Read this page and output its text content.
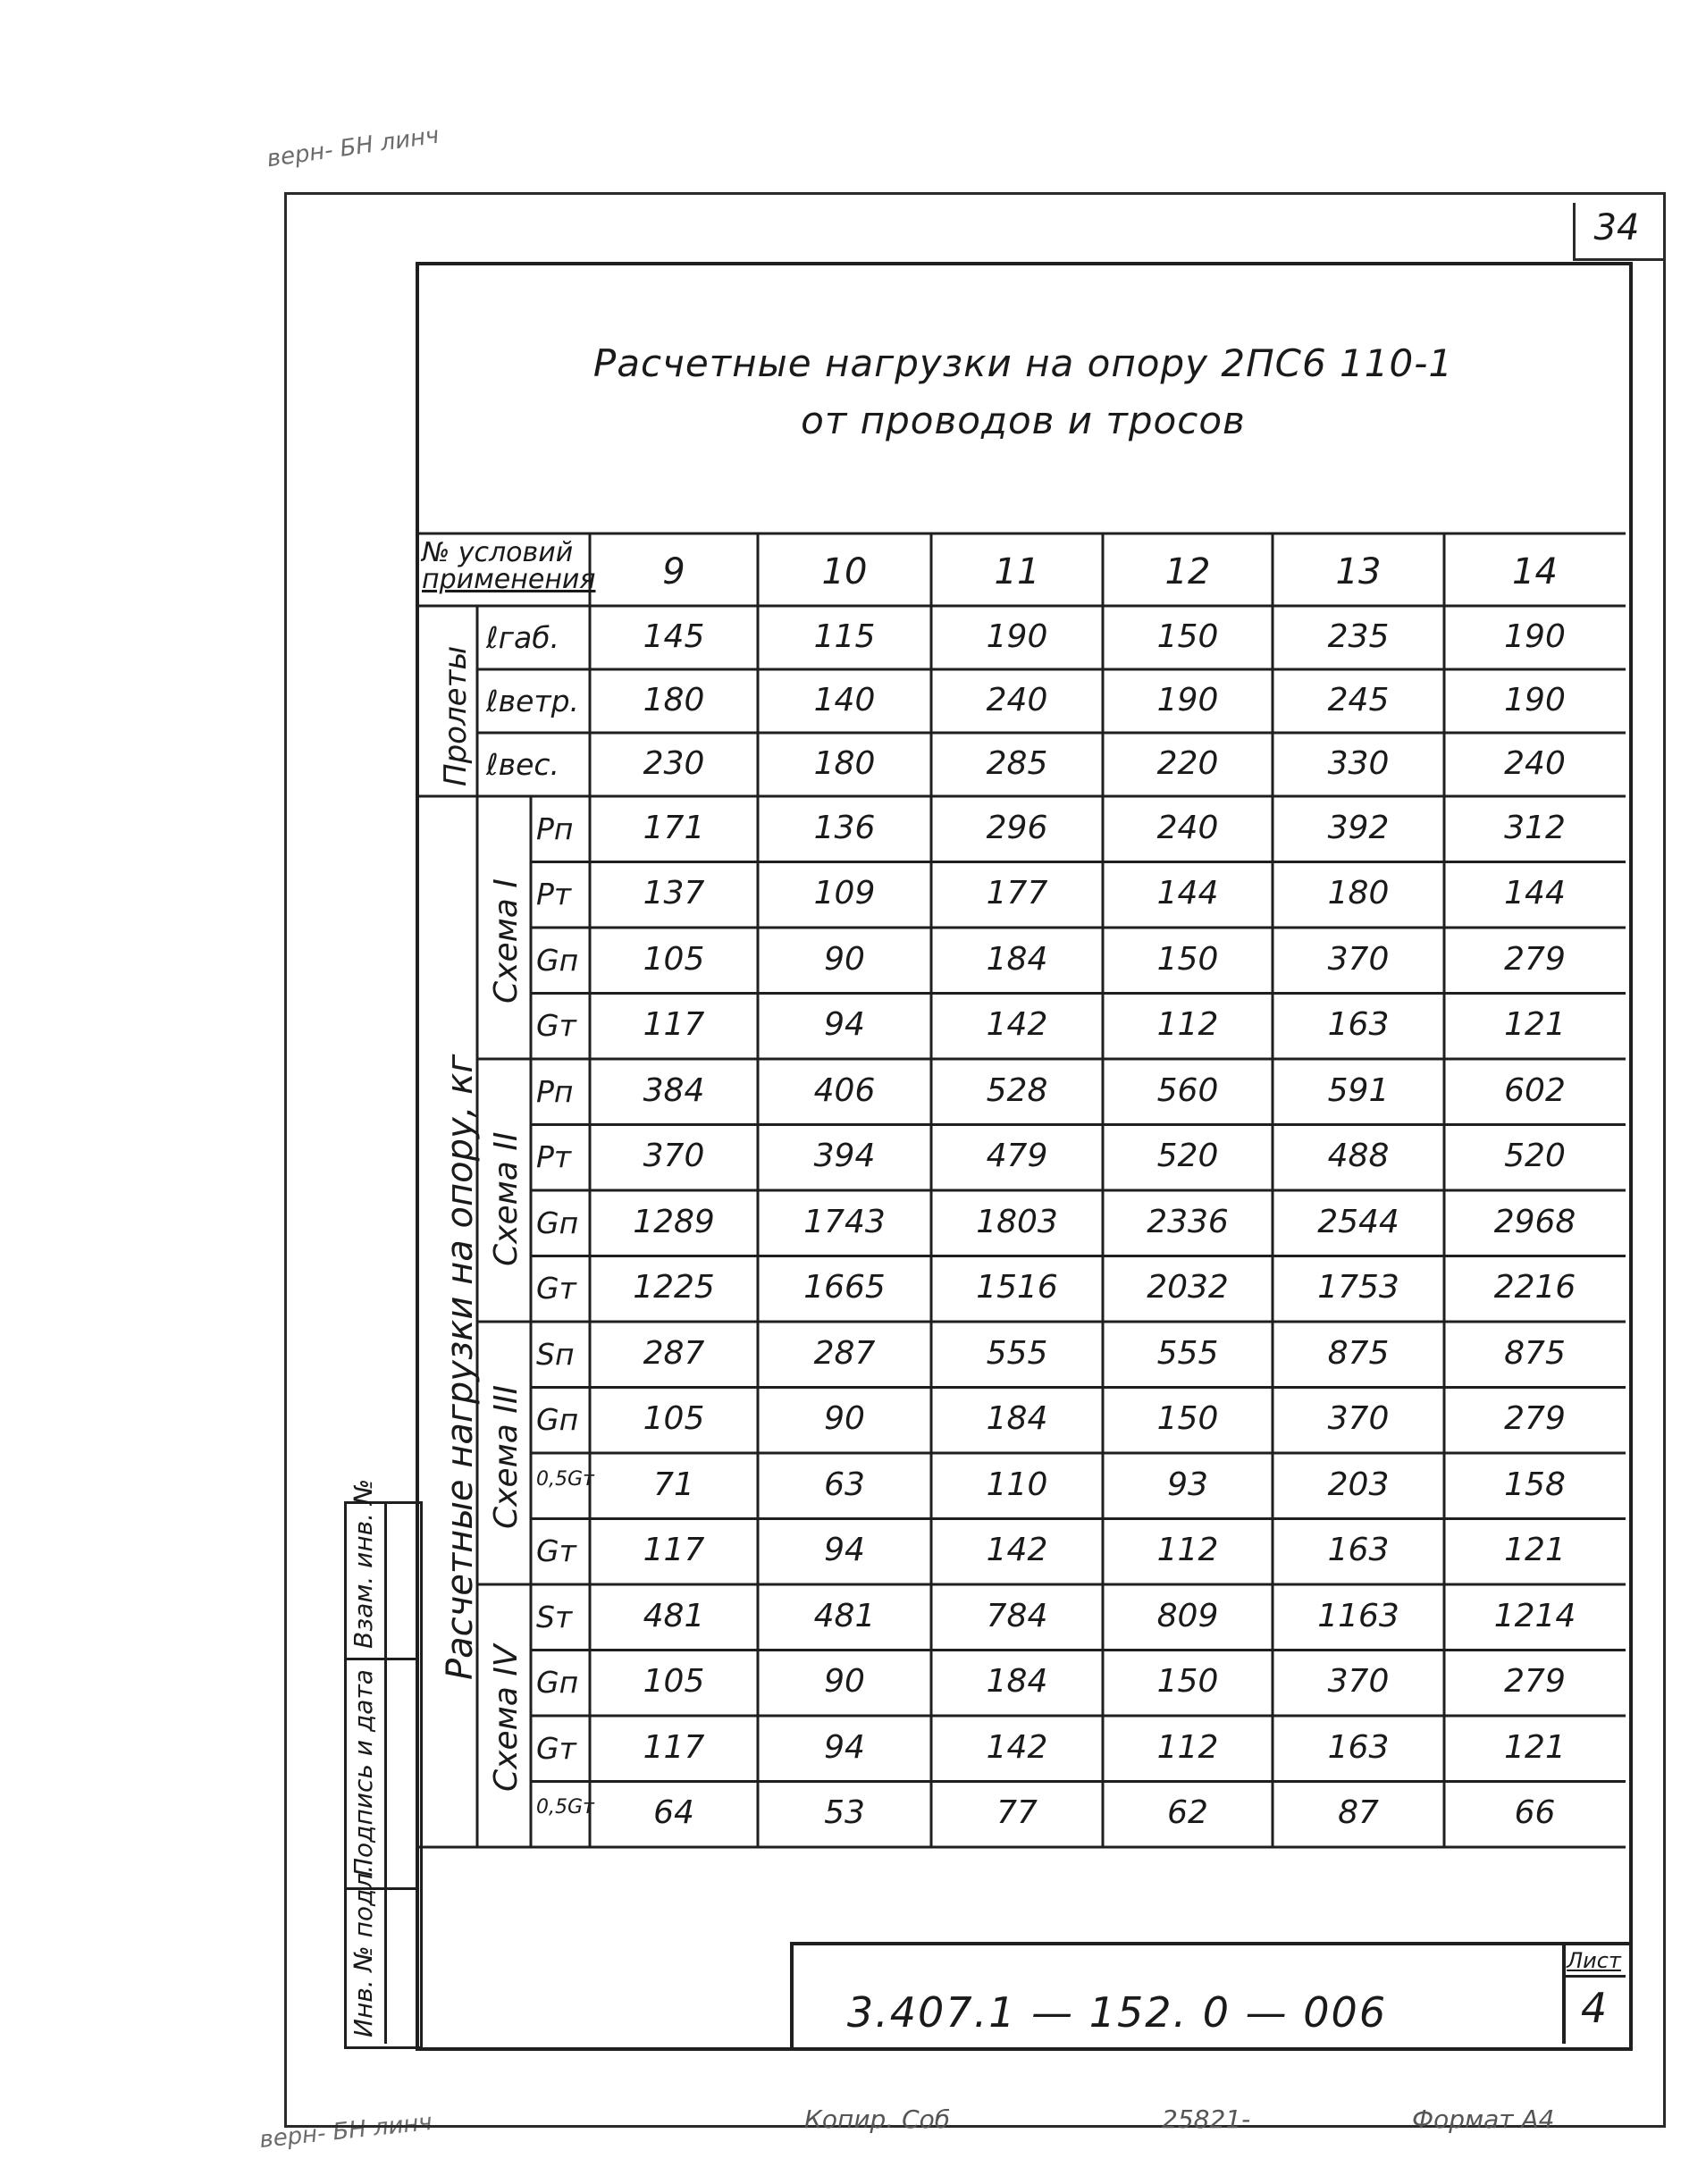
верн- БН линч
верн- БН линч
34
Расчетные нагрузки на опору 2ПС6 110-1
от проводов и тросов
№ условий
применения	9	10	11	12	13	14
ℓгаб.	145	115	190	150	235	190
ℓветр.	180	140	240	190	245	190
ℓвес.	230	180	285	220	330	240
Pп	171	136	296	240	392	312
Pт	137	109	177	144	180	144
Gп	105	90	184	150	370	279
Gт	117	94	142	112	163	121
Схема I
Pп	384	406	528	560	591	602
Pт	370	394	479	520	488	520
Gп	1289	1743	1803	2336	2544	2968
Gт	1225	1665	1516	2032	1753	2216
Схема II
Sп	287	287	555	555	875	875
Gп	105	90	184	150	370	279
0,5Gт	71	63	110	93	203	158
Gт	117	94	142	112	163	121
Схема III
Sт	481	481	784	809	1163	1214
Gп	105	90	184	150	370	279
Gт	117	94	142	112	163	121
0,5Gт	64	53	77	62	87	66
Схема IV
Пролеты
Расчетные нагрузки на опору, кг
Инв. № подл.
Подпись и дата
Взам. инв. №
3.407.1 — 152. 0 — 006
Лист
4
Копир. Соб	25821-	Формат А4
